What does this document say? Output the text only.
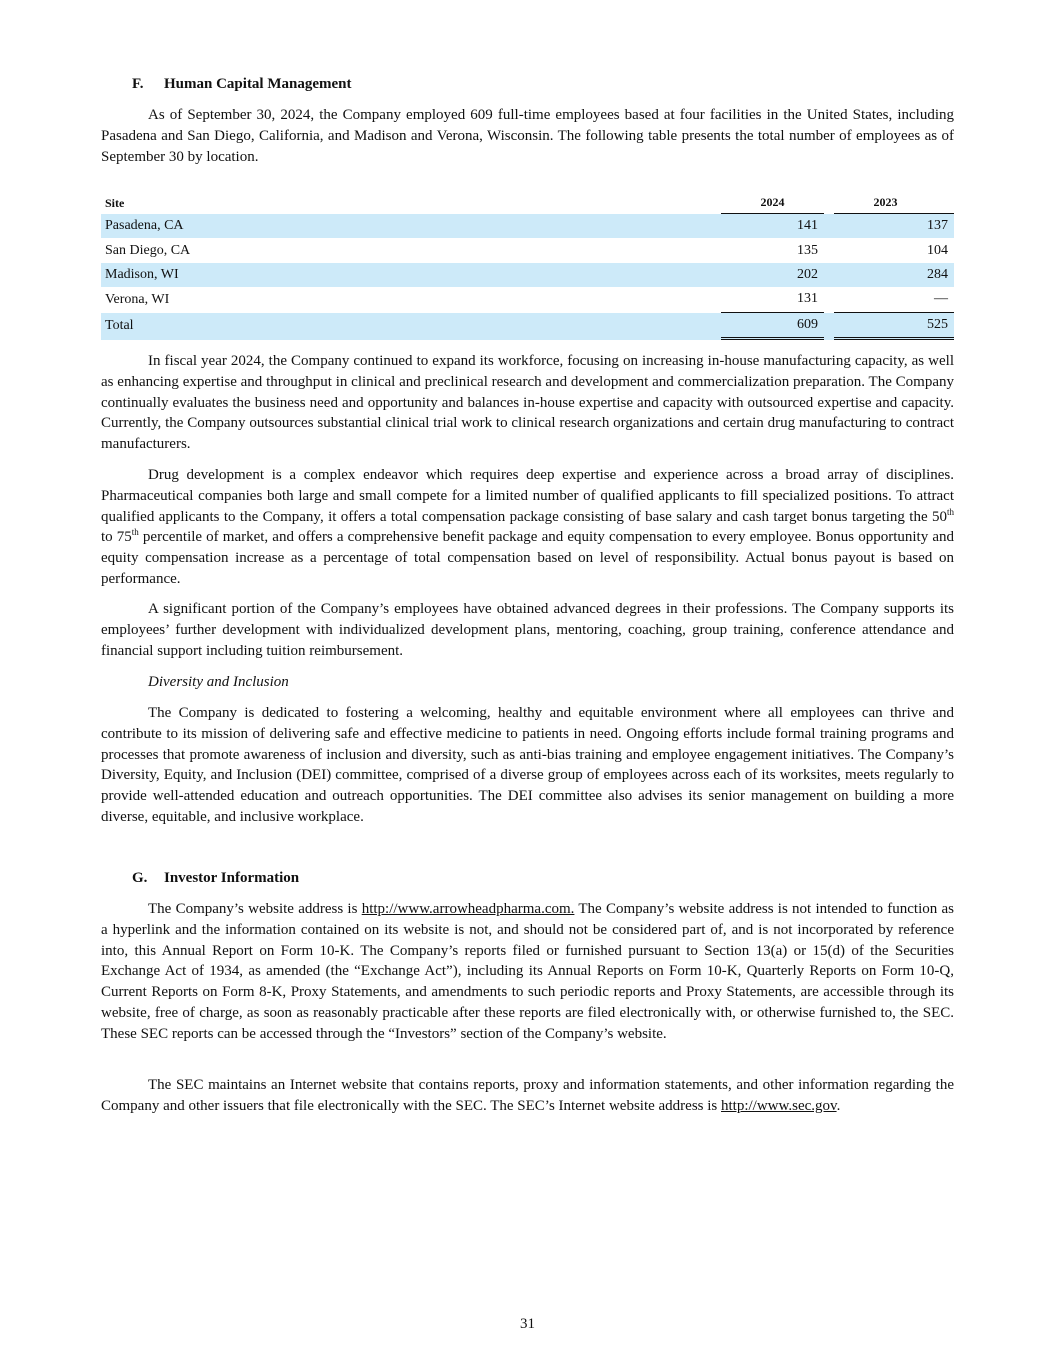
F. Human Capital Management

As of September 30, 2024, the Company employed 609 full-time employees based at four facilities in the United States, including Pasadena and San Diego, California, and Madison and Verona, Wisconsin. The following table presents the total number of employees as of September 30 by location.

Site	2024		2023	
Pasadena, CA	141		137	
San Diego, CA	135		104	
Madison, WI	202		284	
Verona, WI	131		—	
Total	609		525	

In fiscal year 2024, the Company continued to expand its workforce, focusing on increasing in-house manufacturing capacity, as well as enhancing expertise and throughput in clinical and preclinical research and development and commercialization preparation. The Company continually evaluates the business need and opportunity and balances in-house expertise and capacity with outsourced expertise and capacity. Currently, the Company outsources substantial clinical trial work to clinical research organizations and certain drug manufacturing to contract manufacturers.

Drug development is a complex endeavor which requires deep expertise and experience across a broad array of disciplines. Pharmaceutical companies both large and small compete for a limited number of qualified applicants to fill specialized positions. To attract qualified applicants to the Company, it offers a total compensation package consisting of base salary and cash target bonus targeting the 50th to 75th percentile of market, and offers a comprehensive benefit package and equity compensation to every employee. Bonus opportunity and equity compensation increase as a percentage of total compensation based on level of responsibility. Actual bonus payout is based on performance.

A significant portion of the Company’s employees have obtained advanced degrees in their professions. The Company supports its employees’ further development with individualized development plans, mentoring, coaching, group training, conference attendance and financial support including tuition reimbursement.

Diversity and Inclusion

The Company is dedicated to fostering a welcoming, healthy and equitable environment where all employees can thrive and contribute to its mission of delivering safe and effective medicine to patients in need. Ongoing efforts include formal training programs and processes that promote awareness of inclusion and diversity, such as anti-bias training and employee engagement initiatives. The Company’s Diversity, Equity, and Inclusion (DEI) committee, comprised of a diverse group of employees across each of its worksites, meets regularly to provide well-attended education and outreach opportunities. The DEI committee also advises its senior management on building a more diverse, equitable, and inclusive workplace.

G. Investor Information

The Company’s website address is http://www.arrowheadpharma.com. The Company’s website address is not intended to function as a hyperlink and the information contained on its website is not, and should not be considered part of, and is not incorporated by reference into, this Annual Report on Form 10-K. The Company’s reports filed or furnished pursuant to Section 13(a) or 15(d) of the Securities Exchange Act of 1934, as amended (the “Exchange Act”), including its Annual Reports on Form 10-K, Quarterly Reports on Form 10-Q, Current Reports on Form 8-K, Proxy Statements, and amendments to such periodic reports and Proxy Statements, are accessible through its website, free of charge, as soon as reasonably practicable after these reports are filed electronically with, or otherwise furnished to, the SEC. These SEC reports can be accessed through the “Investors” section of the Company’s website.

The SEC maintains an Internet website that contains reports, proxy and information statements, and other information regarding the Company and other issuers that file electronically with the SEC. The SEC’s Internet website address is http://www.sec.gov.

31
